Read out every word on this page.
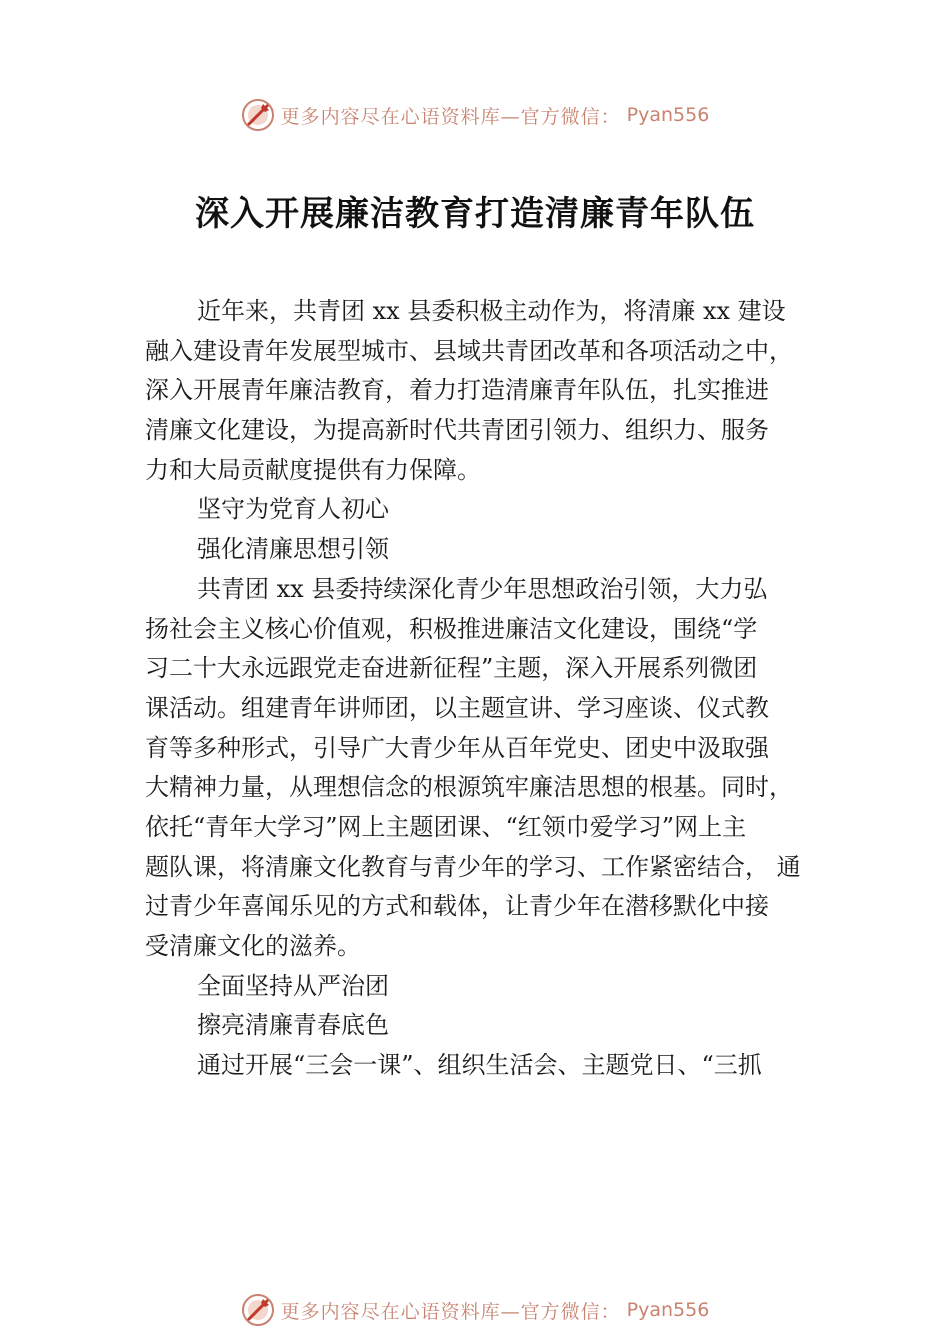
更多内容尽在心语资料库—官方微信： Pyan556
深入开展廉洁教育打造清廉青年队伍
近年来，共青团 xx 县委积极主动作为，将清廉 xx 建设
融入建设青年发展型城市、县域共青团改革和各项活动之中，
深入开展青年廉洁教育，着力打造清廉青年队伍，扎实推进
清廉文化建设，为提高新时代共青团引领力、组织力、服务
力和大局贡献度提供有力保障。
坚守为党育人初心
强化清廉思想引领
共青团 xx 县委持续深化青少年思想政治引领，大力弘
扬社会主义核心价值观，积极推进廉洁文化建设，围绕“学
习二十大永远跟党走奋进新征程”主题，深入开展系列微团
课活动。组建青年讲师团，以主题宣讲、学习座谈、仪式教
育等多种形式，引导广大青少年从百年党史、团史中汲取强
大精神力量，从理想信念的根源筑牢廉洁思想的根基。同时，
依托“青年大学习”网上主题团课、“红领巾爱学习”网上主
题队课，将清廉文化教育与青少年的学习、工作紧密结合， 通
过青少年喜闻乐见的方式和载体，让青少年在潜移默化中接
受清廉文化的滋养。
全面坚持从严治团
擦亮清廉青春底色
通过开展“三会一课”、组织生活会、主题党日、“三抓
更多内容尽在心语资料库—官方微信： Pyan556
